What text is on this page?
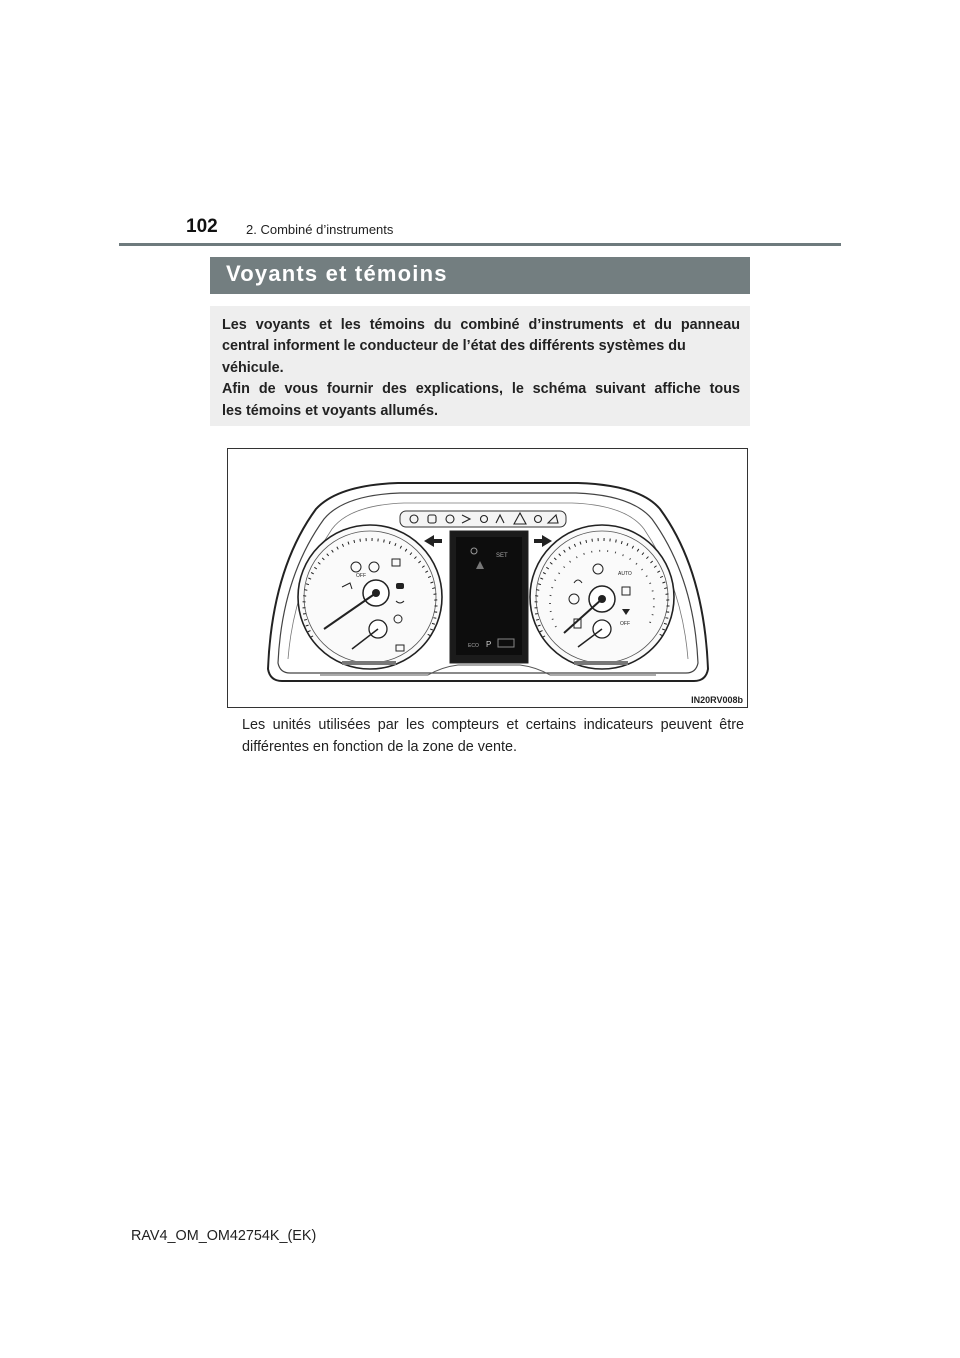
102 2. Combiné d’instruments
Voyants et témoins
Les voyants et les témoins du combiné d’instruments et du panneau
central informent le conducteur de l’état des différents systèmes du
véhicule.
Afin de vous fournir des explications, le schéma suivant affiche tous
les témoins et voyants allumés.
OFF
SET
ECO P
AUTO
OFF
IN20RV008b
Les unités utilisées par les compteurs et certains indicateurs peuvent être
différentes en fonction de la zone de vente.
RAV4_OM_OM42754K_(EK)
